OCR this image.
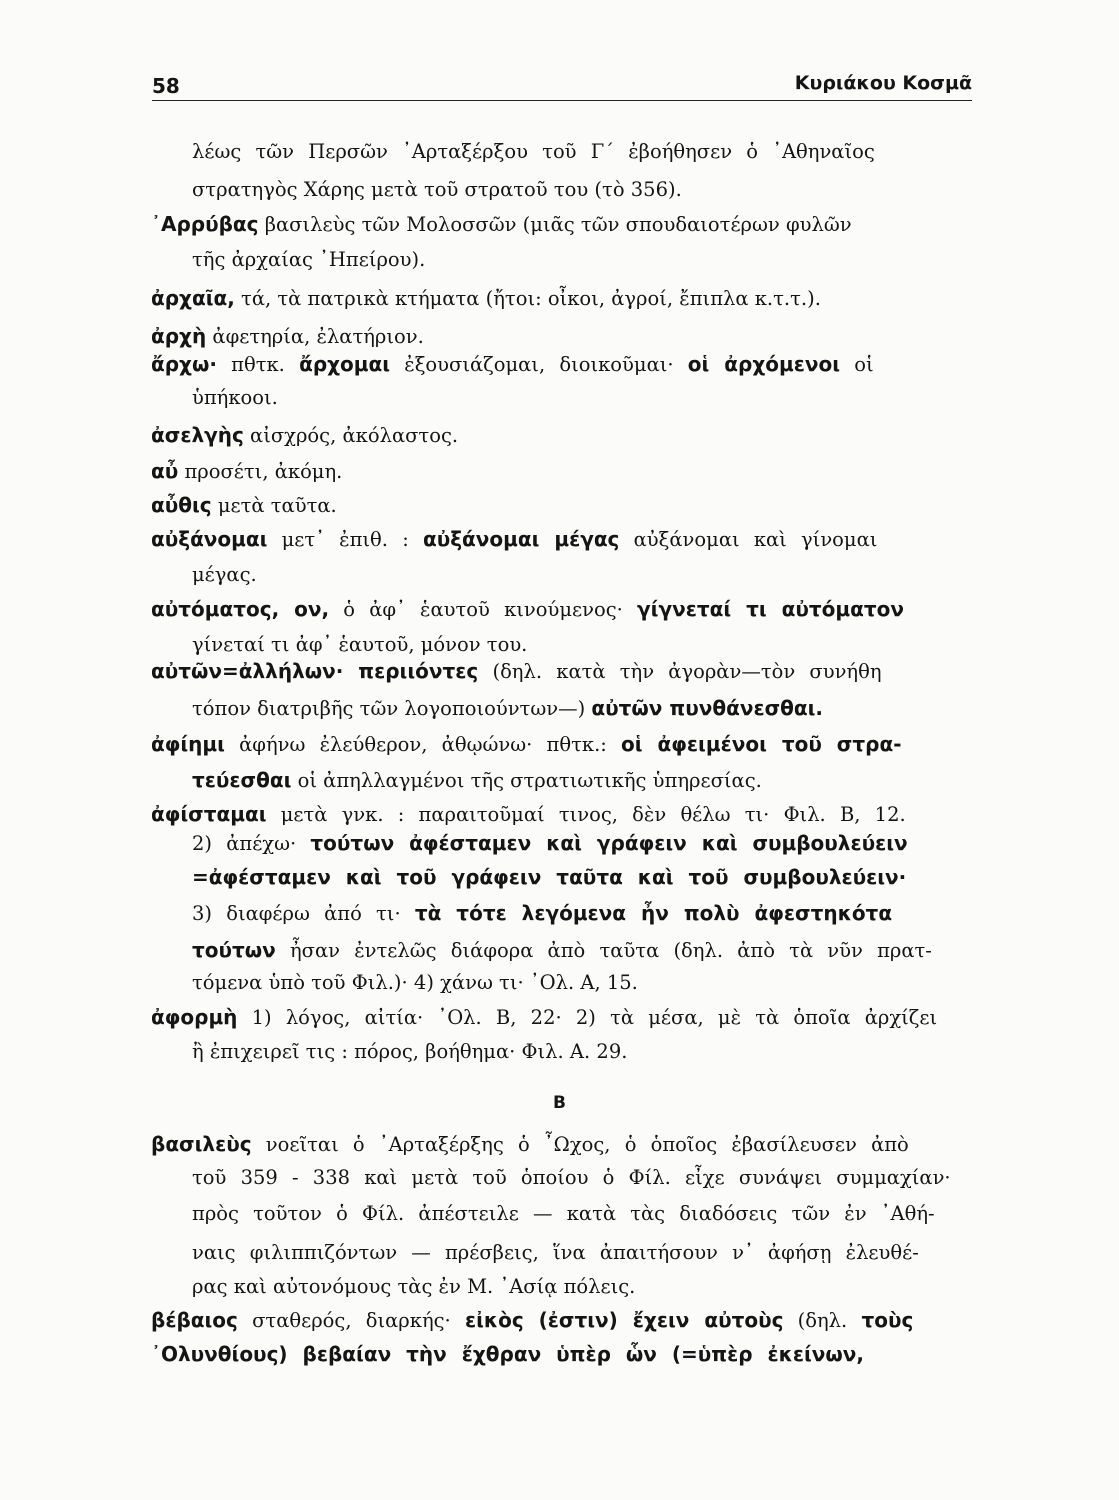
58	Κυριάκου Κοσμᾶ
Β
λέως τῶν Περσῶν ᾿Αρταξέρξου τοῦ Γ΄ ἐβοήθησεν ὁ ᾿Αθηναῖος
στρατηγὸς Χάρης μετὰ τοῦ στρατοῦ του (τὸ 356).
᾿Αρρύβας βασιλεὺς τῶν Μολοσσῶν (μιᾶς τῶν σπουδαιοτέρων φυλῶν
τῆς ἀρχαίας ᾿Ηπείρου).
ἀρχαῖα, τά, τὰ πατρικὰ κτήματα (ἤτοι: οἶκοι, ἀγροί, ἔπιπλα κ.τ.τ.).
ἀρχὴ ἀφετηρία, ἐλατήριον.
ἄρχω· πθτκ. ἄρχομαι ἐξουσιάζομαι, διοικοῦμαι· οἱ ἀρχόμενοι οἱ
ὑπήκοοι.
ἀσελγὴς αἰσχρός, ἀκόλαστος.
αὖ προσέτι, ἀκόμη.
αὖθις μετὰ ταῦτα.
αὐξάνομαι μετ᾿ ἐπιθ. : αὐξάνομαι μέγας αὐξάνομαι καὶ γίνομαι
μέγας.
αὐτόματος, ον, ὁ ἀφ᾿ ἑαυτοῦ κινούμενος· γίγνεταί τι αὐτόματον
γίνεταί τι ἀφ᾿ ἑαυτοῦ, μόνον του.
αὐτῶν=ἀλλήλων· περιιόντες (δηλ. κατὰ τὴν ἀγορὰν—τὸν συνήθη
τόπον διατριβῆς τῶν λογοποιούντων—) αὐτῶν πυνθάνεσθαι.
ἀφίημι ἀφήνω ἐλεύθερον, ἀθῳώνω· πθτκ.: οἱ ἀφειμένοι τοῦ στρα-
τεύεσθαι οἱ ἀπηλλαγμένοι τῆς στρατιωτικῆς ὑπηρεσίας.
ἀφίσταμαι μετὰ γνκ. : παραιτοῦμαί τινος, δὲν θέλω τι· Φιλ. Β, 12.
2) ἀπέχω· τούτων ἀφέσταμεν καὶ γράφειν καὶ συμβουλεύειν
=ἀφέσταμεν καὶ τοῦ γράφειν ταῦτα καὶ τοῦ συμβουλεύειν·
3) διαφέρω ἀπό τι· τὰ τότε λεγόμενα ἦν πολὺ ἀφεστηκότα
τούτων ἦσαν ἐντελῶς διάφορα ἀπὸ ταῦτα (δηλ. ἀπὸ τὰ νῦν πρατ-
τόμενα ὑπὸ τοῦ Φιλ.)· 4) χάνω τι· ᾿Ολ. Α, 15.
ἀφορμὴ 1) λόγος, αἰτία· ᾿Ολ. Β, 22· 2) τὰ μέσα, μὲ τὰ ὁποῖα ἀρχίζει
ἢ ἐπιχειρεῖ τις : πόρος, βοήθημα· Φιλ. Α. 29.
βασιλεὺς νοεῖται ὁ ᾿Αρταξέρξης ὁ ῏Ωχος, ὁ ὁποῖος ἐβασίλευσεν ἀπὸ
τοῦ 359 - 338 καὶ μετὰ τοῦ ὁποίου ὁ Φίλ. εἶχε συνάψει συμμαχίαν·
πρὸς τοῦτον ὁ Φίλ. ἀπέστειλε — κατὰ τὰς διαδόσεις τῶν ἐν ᾿Αθή-
ναις φιλιππιζόντων — πρέσβεις, ἵνα ἀπαιτήσουν ν᾿ ἀφήσῃ ἐλευθέ-
ρας καὶ αὐτονόμους τὰς ἐν Μ. ᾿Ασίᾳ πόλεις.
βέβαιος σταθερός, διαρκής· εἰκὸς (ἐστιν) ἔχειν αὐτοὺς (δηλ. τοὺς
᾿Ολυνθίους) βεβαίαν τὴν ἔχθραν ὑπὲρ ὧν (=ὑπὲρ ἐκείνων,
